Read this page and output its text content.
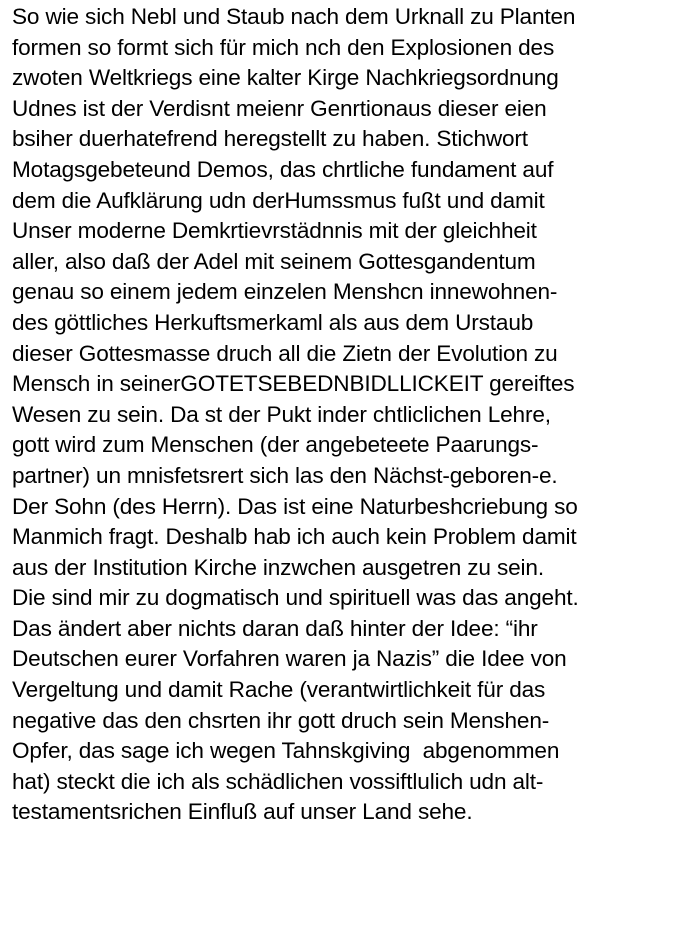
So wie sich Nebl und Staub nach dem Urknall zu Planten
formen so formt sich für mich nch den Explosionen des
zwoten Weltkriegs eine kalter Kirge Nachkriegsordnung
Udnes ist der Verdisnt meienr Genrtionaus dieser eien
bsiher duerhatefrend heregstellt zu haben. Stichwort
Motagsgebeteund Demos, das chrtliche fundament auf
dem die Aufklärung udn derHumssmus fußt und damit
Unser moderne Demkrtievrstädnnis mit der gleichheit
aller, also daß der Adel mit seinem Gottesgandentum
genau so einem jedem einzelen Menshcn innewohnen-
des göttliches Herkuftsmerkaml als aus dem Urstaub
dieser Gottesmasse druch all die Zietn der Evolution zu
Mensch in seinerGOTETSEBEDNBIDLLICKEIT gereiftes
Wesen zu sein. Da st der Pukt inder chtliclichen Lehre,
gott wird zum Menschen (der angebeteete Paarungs-
partner) un mnisfetsrert sich las den Nächst-geboren-e.
Der Sohn (des Herrn). Das ist eine Naturbeshcriebung so
Manmich fragt. Deshalb hab ich auch kein Problem damit
aus der Institution Kirche inzwchen ausgetren zu sein.
Die sind mir zu dogmatisch und spirituell was das angeht.
Das ändert aber nichts daran daß hinter der Idee: “ihr
Deutschen eurer Vorfahren waren ja Nazis” die Idee von
Vergeltung und damit Rache (verantwirtlichkeit für das
negative das den chsrten ihr gott druch sein Menshen-
Opfer, das sage ich wegen Tahnskgiving  abgenommen
hat) steckt die ich als schädlichen vossiftlulich udn alt-
testamentsrichen Einfluß auf unser Land sehe.
